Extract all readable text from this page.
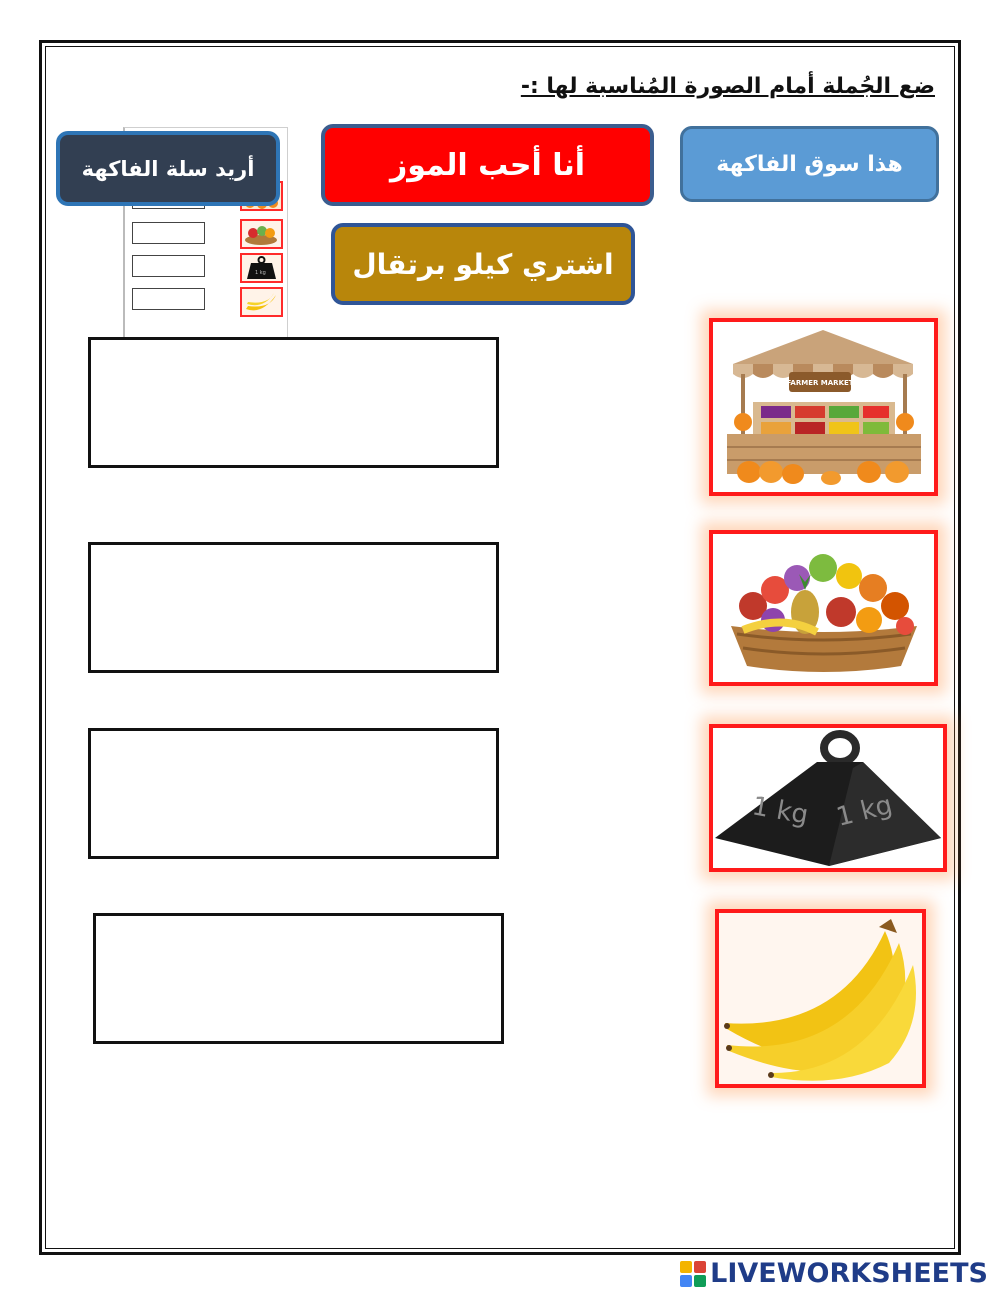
ضع الجُملة أمام الصورة المُناسبة لها :-
1 kg
هذا سوق الفاكهة
أنا أحب الموز
اشتري كيلو برتقال
أريد سلة الفاكهة
FARMER MARKET
1 kg 1 kg
LIVEWORKSHEETS
